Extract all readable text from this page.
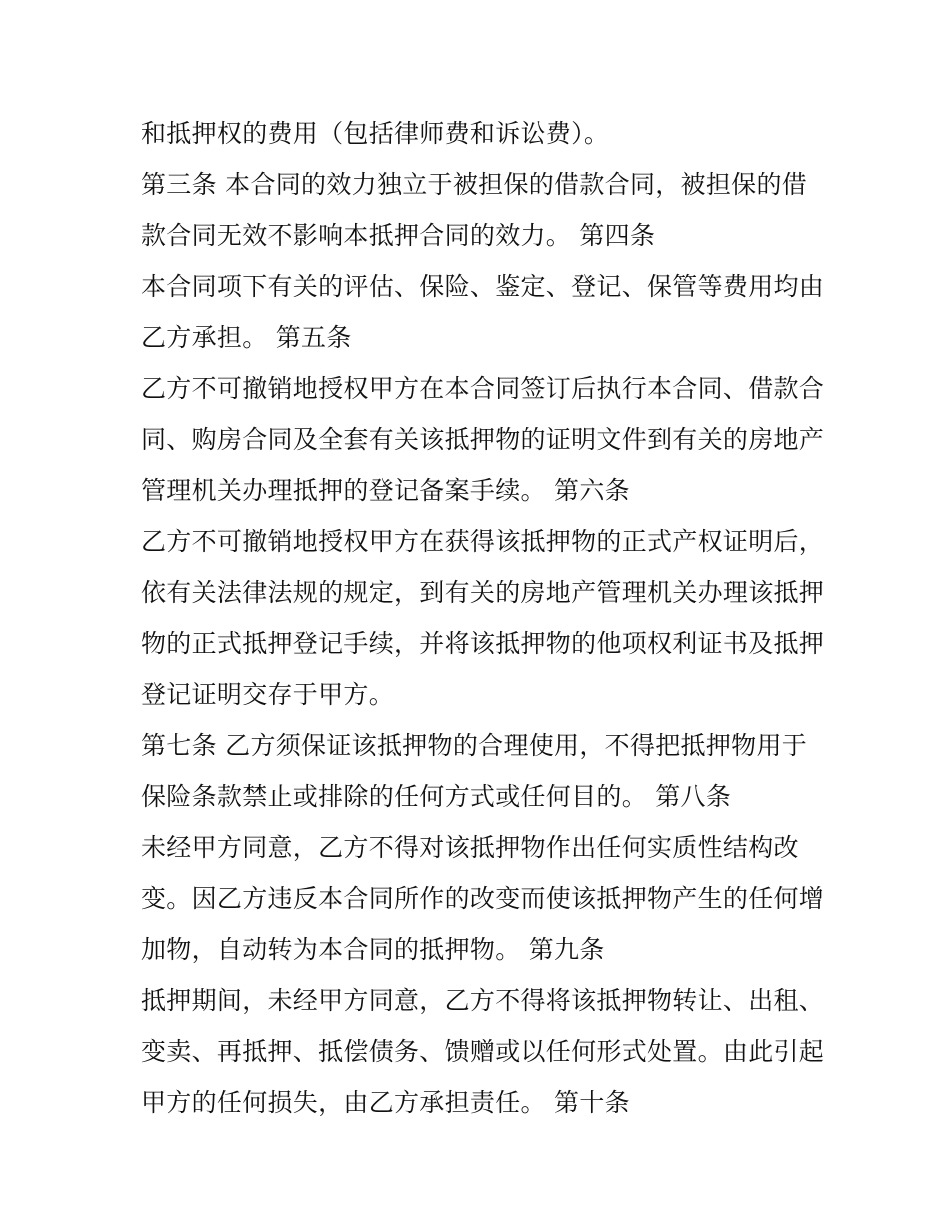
和抵押权的费用（包括律师费和诉讼费）。
第三条 本合同的效力独立于被担保的借款合同，被担保的借
款合同无效不影响本抵押合同的效力。 第四条
本合同项下有关的评估、保险、鉴定、登记、保管等费用均由
乙方承担。 第五条
乙方不可撤销地授权甲方在本合同签订后执行本合同、借款合
同、购房合同及全套有关该抵押物的证明文件到有关的房地产
管理机关办理抵押的登记备案手续。 第六条
乙方不可撤销地授权甲方在获得该抵押物的正式产权证明后，
依有关法律法规的规定，到有关的房地产管理机关办理该抵押
物的正式抵押登记手续，并将该抵押物的他项权利证书及抵押
登记证明交存于甲方。
第七条 乙方须保证该抵押物的合理使用，不得把抵押物用于
保险条款禁止或排除的任何方式或任何目的。 第八条
未经甲方同意，乙方不得对该抵押物作出任何实质性结构改
变。因乙方违反本合同所作的改变而使该抵押物产生的任何增
加物，自动转为本合同的抵押物。 第九条
抵押期间，未经甲方同意，乙方不得将该抵押物转让、出租、
变卖、再抵押、抵偿债务、馈赠或以任何形式处置。由此引起
甲方的任何损失，由乙方承担责任。 第十条
